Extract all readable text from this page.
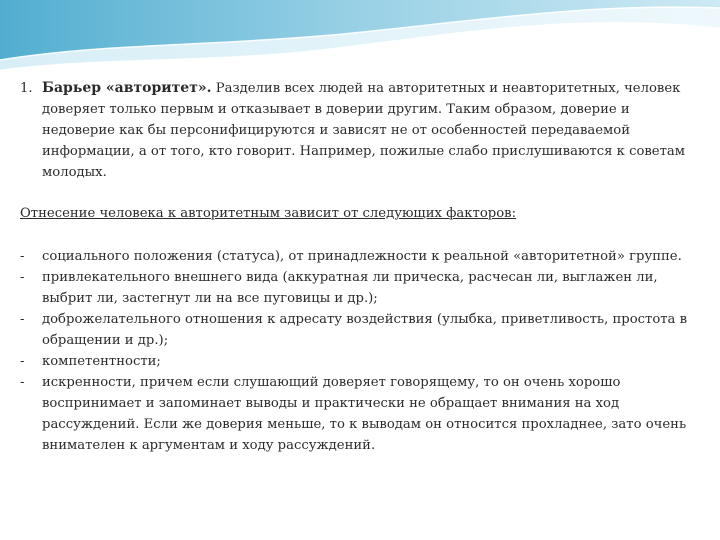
1. Барьер «авторитет». Разделив всех людей на авторитетных и неавторитетных, человек доверяет только первым и отказывает в доверии другим. Таким образом, доверие и недоверие как бы персонифицируются и зависят не от особенностей передаваемой информации, а от того, кто говорит. Например, пожилые слабо прислушиваются к советам молодых.

Отнесение человека к авторитетным зависит от следующих факторов:

- социального положения (статуса), от принадлежности к реальной «авторитетной» группе.
- привлекательного внешнего вида (аккуратная ли прическа, расчесан ли, выглажен ли, выбрит ли, застегнут ли на все пуговицы и др.);
- доброжелательного отношения к адресату воздействия (улыбка, приветливость, простота в обращении и др.);
- компетентности;
- искренности, причем если слушающий доверяет говорящему, то он очень хорошо воспринимает и запоминает выводы и практически не обращает внимания на ход рассуждений. Если же доверия меньше, то к выводам он относится прохладнее, зато очень внимателен к аргументам и ходу рассуждений.
